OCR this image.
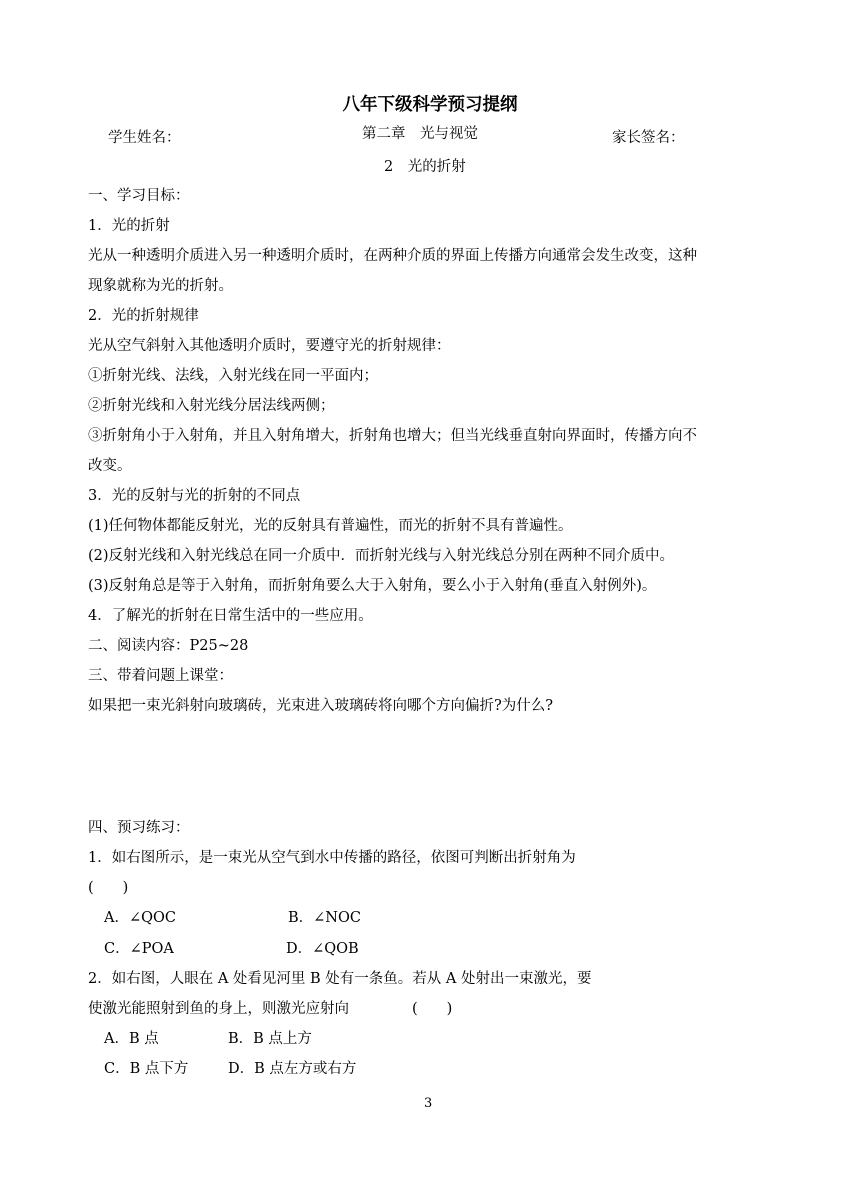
八年下级科学预习提纲
学生姓名：	第二章　光与视觉	家长签名：
2　光的折射
一、学习目标：
1．光的折射
光从一种透明介质进入另一种透明介质时，在两种介质的界面上传播方向通常会发生改变，这种
现象就称为光的折射。
2．光的折射规律
光从空气斜射入其他透明介质时，要遵守光的折射规律：
①折射光线、法线，入射光线在同一平面内；
②折射光线和入射光线分居法线两侧；
③折射角小于入射角，并且入射角增大，折射角也增大；但当光线垂直射向界面时，传播方向不
改变。
3．光的反射与光的折射的不同点
(1)任何物体都能反射光，光的反射具有普遍性，而光的折射不具有普遍性。
(2)反射光线和入射光线总在同一介质中．而折射光线与入射光线总分别在两种不同介质中。
(3)反射角总是等于入射角，而折射角要么大于入射角，要么小于入射角(垂直入射例外)。
4．了解光的折射在日常生活中的一些应用。
二、阅读内容：P25~28
三、带着问题上课堂：
如果把一束光斜射向玻璃砖，光束进入玻璃砖将向哪个方向偏折?为什么?
四、预习练习：
1．如右图所示，是一束光从空气到水中传播的路径，依图可判断出折射角为
(　　)
A．∠QOC	B．∠NOC
C．∠POA	D．∠QOB
2．如右图，人眼在 A 处看见河里 B 处有一条鱼。若从 A 处射出一束激光，要
使激光能照射到鱼的身上，则激光应射向	(　　)
A．B 点	B．B 点上方
C．B 点下方	D．B 点左方或右方
3
